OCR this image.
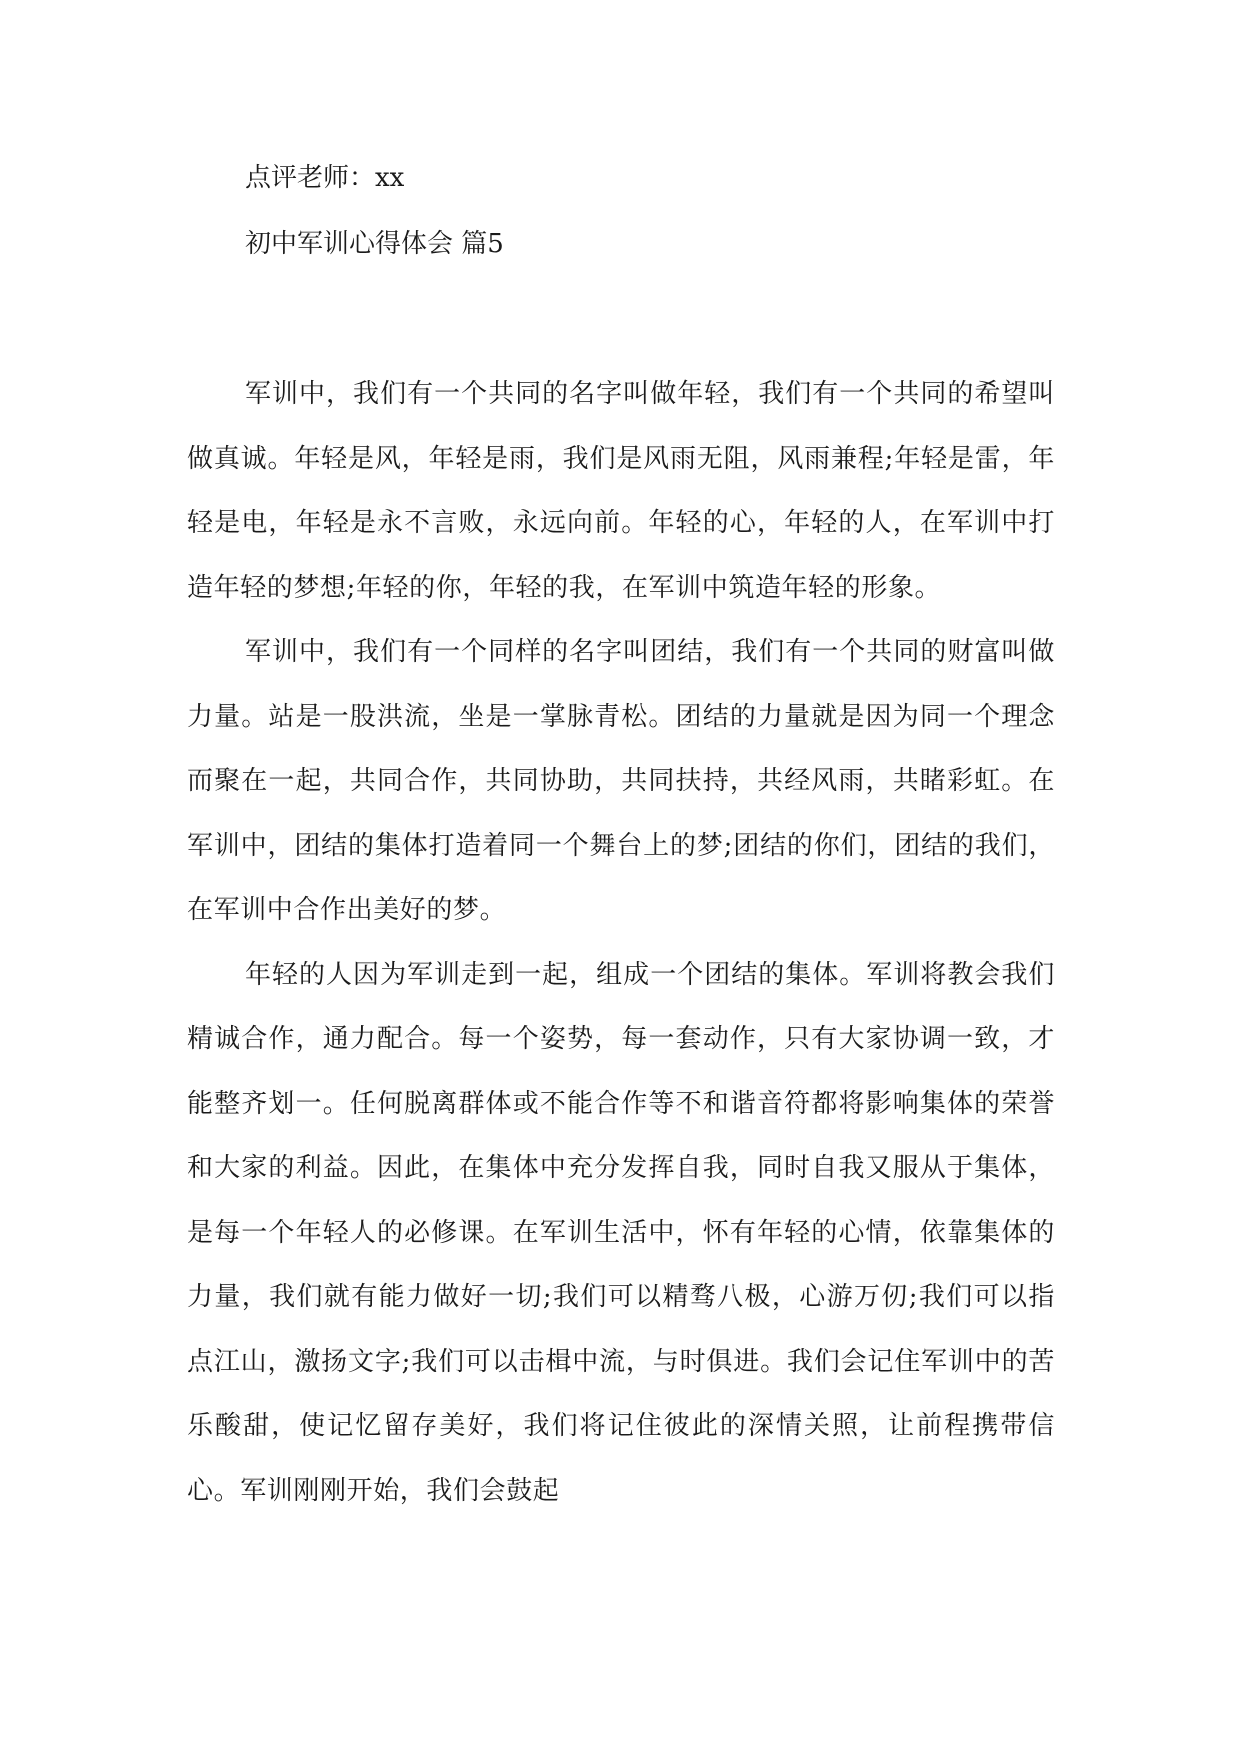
点评老师：xx

初中军训心得体会 篇5

军训中，我们有一个共同的名字叫做年轻，我们有一个共同的希望叫做真诚。年轻是风，年轻是雨，我们是风雨无阻，风雨兼程;年轻是雷，年轻是电，年轻是永不言败，永远向前。年轻的心，年轻的人，在军训中打造年轻的梦想;年轻的你，年轻的我，在军训中筑造年轻的形象。

军训中，我们有一个同样的名字叫团结，我们有一个共同的财富叫做力量。站是一股洪流，坐是一掌脉青松。团结的力量就是因为同一个理念而聚在一起，共同合作，共同协助，共同扶持，共经风雨，共睹彩虹。在军训中，团结的集体打造着同一个舞台上的梦;团结的你们，团结的我们，在军训中合作出美好的梦。

年轻的人因为军训走到一起，组成一个团结的集体。军训将教会我们精诚合作，通力配合。每一个姿势，每一套动作，只有大家协调一致，才能整齐划一。任何脱离群体或不能合作等不和谐音符都将影响集体的荣誉和大家的利益。因此，在集体中充分发挥自我，同时自我又服从于集体，是每一个年轻人的必修课。在军训生活中，怀有年轻的心情，依靠集体的力量，我们就有能力做好一切;我们可以精骛八极，心游万仞;我们可以指点江山，激扬文字;我们可以击楫中流，与时俱进。我们会记住军训中的苦乐酸甜，使记忆留存美好，我们将记住彼此的深情关照，让前程携带信心。军训刚刚开始，我们会鼓起
